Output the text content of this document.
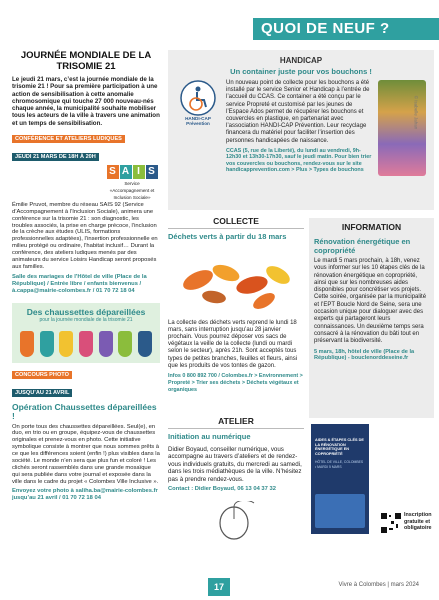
QUOI DE NEUF ?
JOURNÉE MONDIALE DE LA TRISOMIE 21
Le jeudi 21 mars, c’est la journée mondiale de la trisomie 21 ! Pour sa première participation à une action de sensibilisation à cette anomalie chromosomique qui touche 27 000 nouveau-nés chaque année, la municipalité souhaite mobiliser tous les acteurs de la ville à travers une animation et un temps de sensibilisation.
CONFÉRENCE ET ATELIERS LUDIQUES
JEUDI 21 MARS DE 18H À 20H
S A I S
Service «Accompagnement et Inclusion Sociale»
Émilie Pruvot, membre du réseau SAIS 92 (Service d’Accompagnement à l’Inclusion Sociale), animera une conférence sur la trisomie 21 : son diagnostic, les troubles associés, la prise en charge précoce, l’inclusion de la crèche aux études (ULIS, formations professionnelles adaptées), l’insertion professionnelle en milieu protégé ou ordinaire, l’habitat inclusif… Durant la conférence, des ateliers ludiques menés par des animateurs du service Loisirs Handicap seront proposés aux familles.
Salle des mariages de l’Hôtel de ville (Place de la République) / Entrée libre / enfants bienvenus / à.cappa@mairie-colombes.fr / 01 70 72 18 04
Des chaussettes dépareillées
pour la journée mondiale de la trisomie 21
CONCOURS PHOTO
JUSQU’AU 21 AVRIL
Opération Chaussettes dépareillées !
On porte tous des chaussettes dépareillées. Seul(e), en duo, en trio ou en groupe, équipez-vous de chaussettes originales et prenez-vous en photo. Cette initiative symbolique consiste à montrer que nous sommes prêts à ce que les différences soient (enfin !) plus visibles dans la société. Le monde n’en sera que plus fun et coloré ! Les clichés seront rassemblés dans une grande mosaïque qui sera publiée dans votre journal et exposée dans la ville dans le cadre du projet « Colombes Ville Inclusive ».
Envoyez votre photo à saliha.ba@mairie-colombes.fr jusqu’au 21 avril / 01 70 72 18 04
HANDICAP
Un container juste pour vos bouchons !
HANDI-CAP Prévention
Un nouveau point de collecte pour les bouchons a été installé par le service Senior et Handicap à l’entrée de l’accueil du CCAS. Ce container a été conçu par le service Propreté et customisé par les jeunes de l’Espace Ados permet de récupérer les bouchons et couvercles en plastique, en partenariat avec l’association HANDI-CAP Prévention. Leur recyclage financera du matériel pour faciliter l’insertion des personnes handicapées de naissance.
CCAS (5, rue de la Liberté), du lundi au vendredi, 9h-12h30 et 13h30-17h30, sauf le jeudi matin. Pour bien trier vos couvercles ou bouchons, rendez-vous sur le site handicapprevention.com > Plus > Types de bouchons
© Isabelle Jahan
COLLECTE
Déchets verts à partir du 18 mars
La collecte des déchets verts reprend le lundi 18 mars, sans interruption jusqu’au 28 janvier prochain. Vous pourrez déposer vos sacs de végétaux la veille de la collecte (lundi ou mardi selon le secteur), après 21h. Sont acceptés tous types de petites branches, feuilles et fleurs, ainsi que les produits de vos tontes de gazon.
Infos 0 800 892 700 / Colombes.fr > Environnement > Propreté > Trier ses déchets > Déchets végétaux et organiques
INFORMATION
Rénovation énergétique en copropriété
Le mardi 5 mars prochain, à 18h, venez vous informer sur les 10 étapes clés de la rénovation énergétique en copropriété, ainsi que sur les nombreuses aides disponibles pour concrétiser vos projets. Cette soirée, organisée par la municipalité et l’EPT Boucle Nord de Seine, sera une occasion unique pour dialoguer avec des experts qui partageront leurs connaissances. Un deuxième temps sera consacré à la rénovation du bâti tout en préservant la biodiversité.
5 mars, 18h, hôtel de ville (Place de la République) - bouclenorddeseine.fr
ATELIER
Initiation au numérique
Didier Boyaud, conseiller numérique, vous accompagne au travers d’ateliers et de rendez-vous individuels gratuits, du mercredi au samedi, dans les trois médiathèques de la ville. N’hésitez pas à prendre rendez-vous.
Contact : Didier Boyaud, 06 13 04 37 32
AIDES & ÉTAPES CLÉS DE LA RÉNOVATION ÉNERGÉTIQUE EN COPROPRIÉTÉ
HÔTEL DE VILLE, COLOMBES • MARDI 5 MARS
Inscription gratuite et obligatoire
17	Vivre à Colombes | mars 2024
